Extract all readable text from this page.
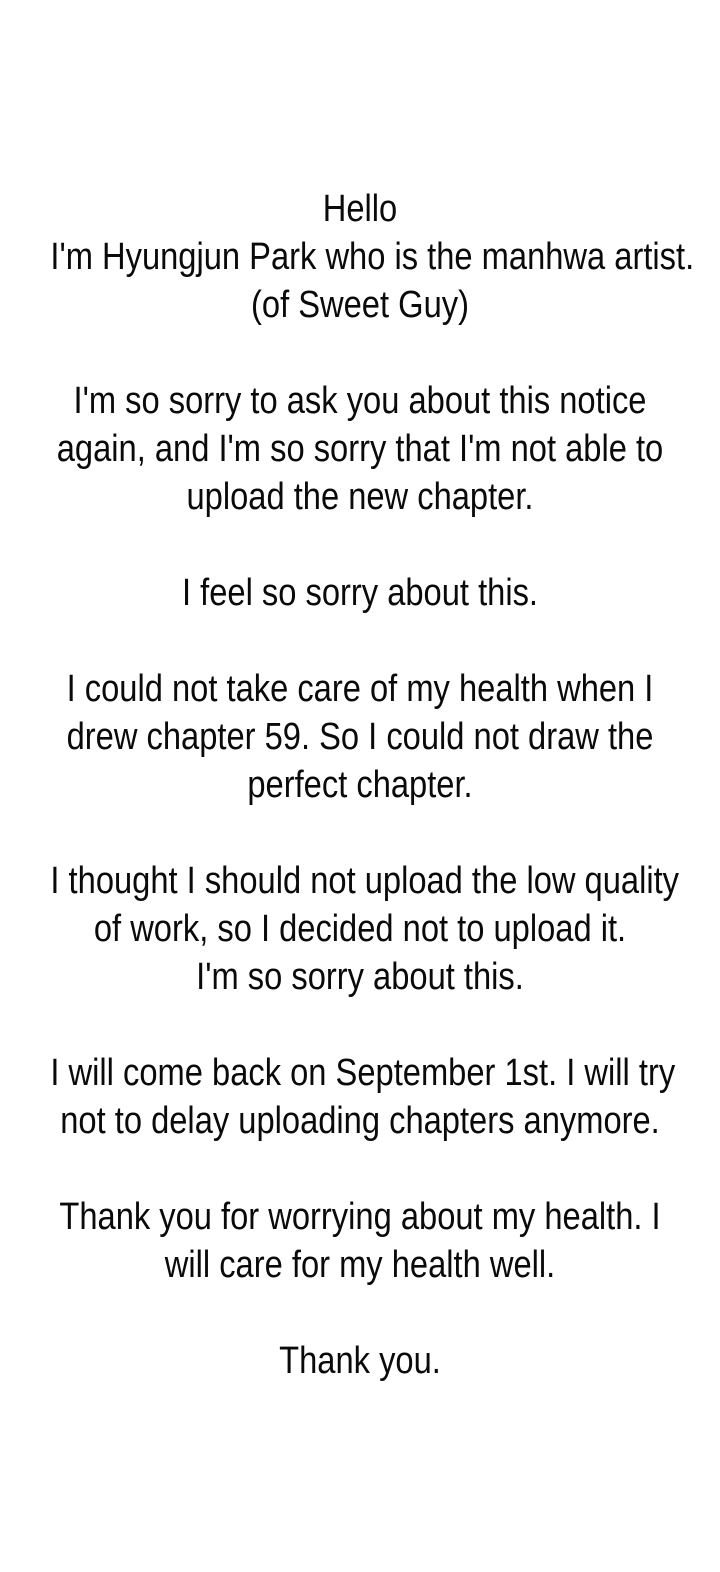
Hello
I'm Hyungjun Park who is the manhwa artist.
(of Sweet Guy)

I'm so sorry to ask you about this notice
again, and I'm so sorry that I'm not able to
upload the new chapter.

I feel so sorry about this.

I could not take care of my health when I
drew chapter 59. So I could not draw the
perfect chapter.

I thought I should not upload the low quality
of work, so I decided not to upload it.
I'm so sorry about this.

I will come back on September 1st. I will try
not to delay uploading chapters anymore.

Thank you for worrying about my health. I
will care for my health well.

Thank you.
